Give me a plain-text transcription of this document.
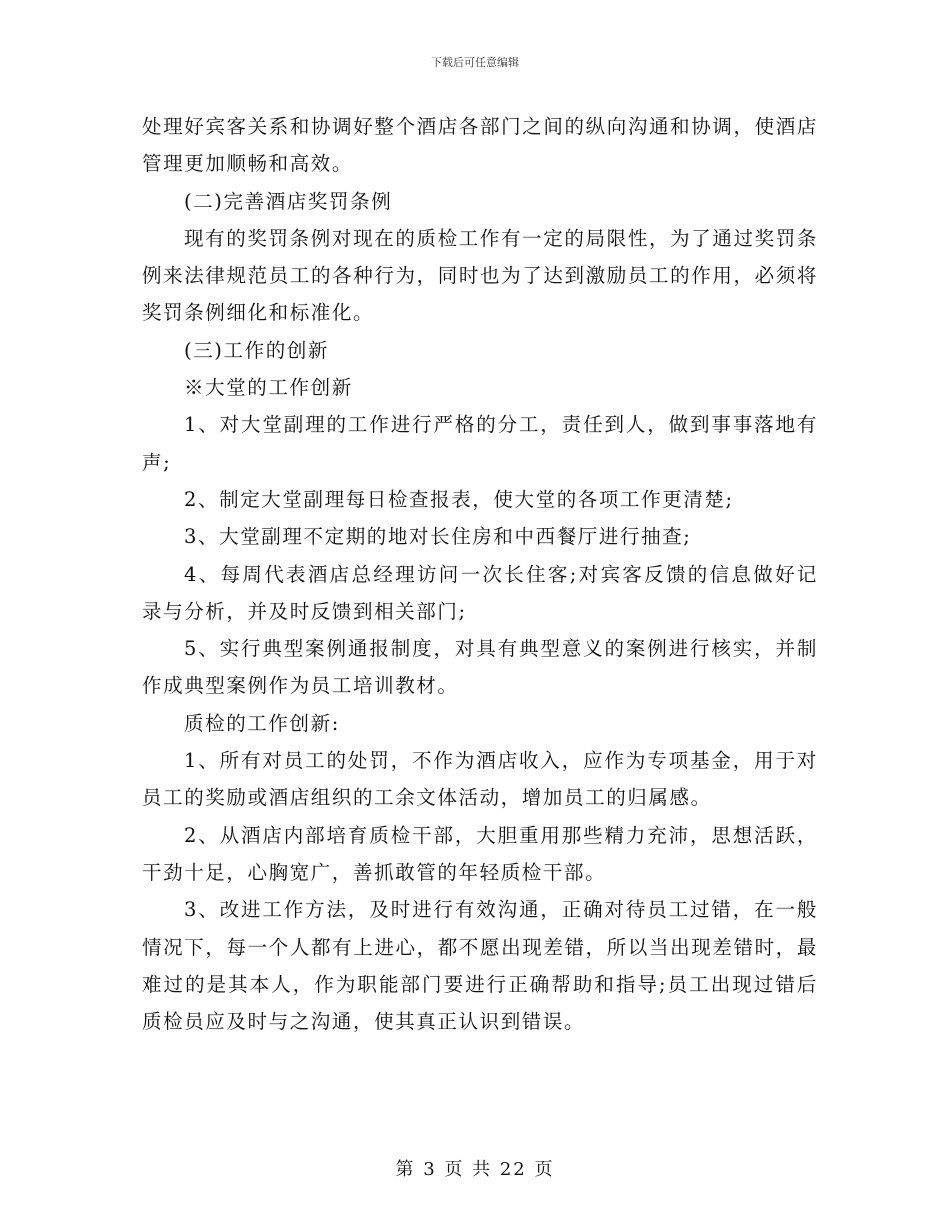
下载后可任意编辑

处理好宾客关系和协调好整个酒店各部门之间的纵向沟通和协调，使酒店管理更加顺畅和高效。

(二)完善酒店奖罚条例

现有的奖罚条例对现在的质检工作有一定的局限性，为了通过奖罚条例来法律规范员工的各种行为，同时也为了达到激励员工的作用，必须将奖罚条例细化和标准化。

(三)工作的创新

※大堂的工作创新

1、对大堂副理的工作进行严格的分工，责任到人，做到事事落地有声;

2、制定大堂副理每日检查报表，使大堂的各项工作更清楚;

3、大堂副理不定期的地对长住房和中西餐厅进行抽查;

4、每周代表酒店总经理访问一次长住客;对宾客反馈的信息做好记录与分析，并及时反馈到相关部门;

5、实行典型案例通报制度，对具有典型意义的案例进行核实，并制作成典型案例作为员工培训教材。

质检的工作创新:

1、所有对员工的处罚，不作为酒店收入，应作为专项基金，用于对员工的奖励或酒店组织的工余文体活动，增加员工的归属感。

2、从酒店内部培育质检干部，大胆重用那些精力充沛，思想活跃，干劲十足，心胸宽广，善抓敢管的年轻质检干部。

3、改进工作方法，及时进行有效沟通，正确对待员工过错，在一般情况下，每一个人都有上进心，都不愿出现差错，所以当出现差错时，最难过的是其本人，作为职能部门要进行正确帮助和指导;员工出现过错后质检员应及时与之沟通，使其真正认识到错误。

第 3 页 共 22 页
